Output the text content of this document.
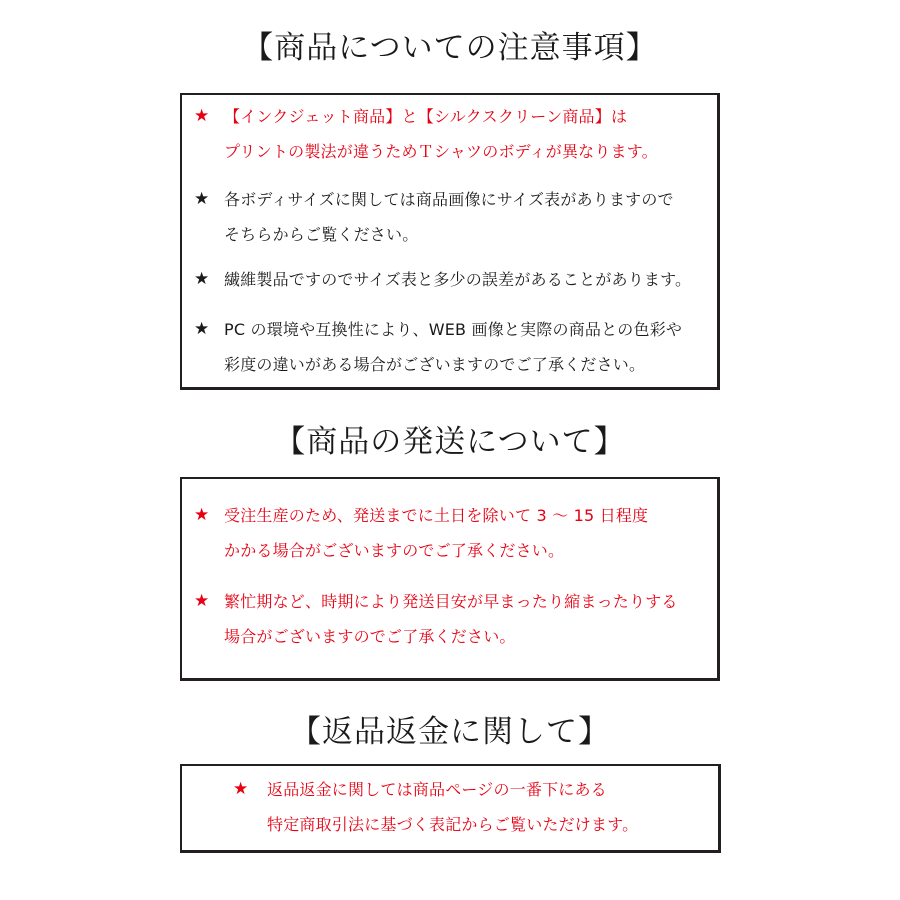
【商品についての注意事項】
★ 【インクジェット商品】と【シルクスクリーン商品】は
プリントの製法が違うためＴシャツのボディが異なります。
★ 各ボディサイズに関しては商品画像にサイズ表がありますので
そちらからご覧ください。
★ 繊維製品ですのでサイズ表と多少の誤差があることがあります。
★ PC の環境や互換性により、WEB 画像と実際の商品との色彩や
彩度の違いがある場合がございますのでご了承ください。
【商品の発送について】
★ 受注生産のため、発送までに土日を除いて 3 〜 15 日程度
かかる場合がございますのでご了承ください。
★ 繁忙期など、時期により発送目安が早まったり縮まったりする
場合がございますのでご了承ください。
【返品返金に関して】
★	返品返金に関しては商品ページの一番下にある
特定商取引法に基づく表記からご覧いただけます。
